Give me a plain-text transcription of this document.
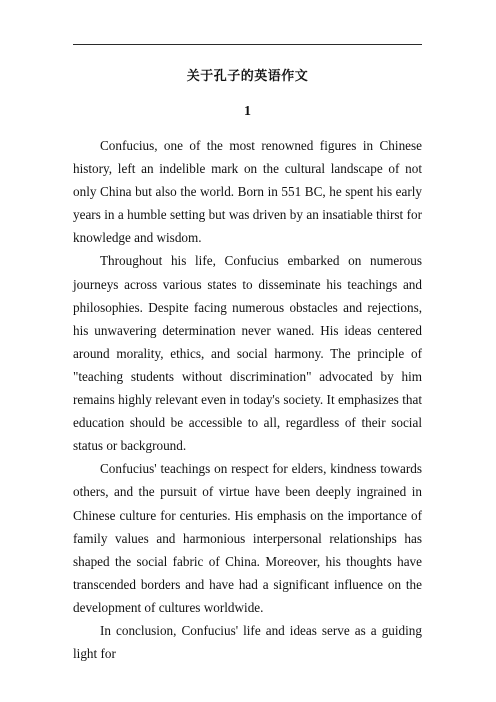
关于孔子的英语作文
1

Confucius, one of the most renowned figures in Chinese history, left an indelible mark on the cultural landscape of not only China but also the world. Born in 551 BC, he spent his early years in a humble setting but was driven by an insatiable thirst for knowledge and wisdom.

Throughout his life, Confucius embarked on numerous journeys across various states to disseminate his teachings and philosophies. Despite facing numerous obstacles and rejections, his unwavering determination never waned. His ideas centered around morality, ethics, and social harmony. The principle of "teaching students without discrimination" advocated by him remains highly relevant even in today's society. It emphasizes that education should be accessible to all, regardless of their social status or background.

Confucius' teachings on respect for elders, kindness towards others, and the pursuit of virtue have been deeply ingrained in Chinese culture for centuries. His emphasis on the importance of family values and harmonious interpersonal relationships has shaped the social fabric of China. Moreover, his thoughts have transcended borders and have had a significant influence on the development of cultures worldwide.

In conclusion, Confucius' life and ideas serve as a guiding light for
